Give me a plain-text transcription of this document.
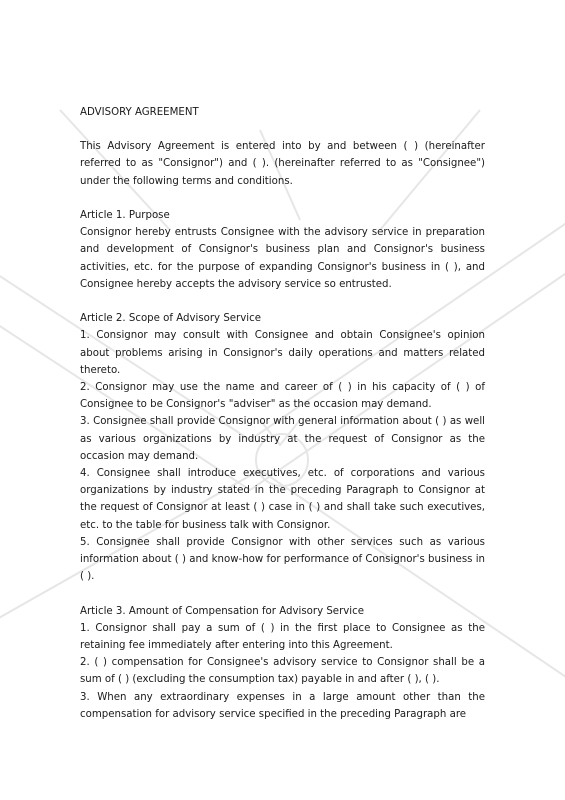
ADVISORY AGREEMENT

This Advisory Agreement is entered into by and between ( ) (hereinafter referred to as "Consignor") and ( ). (hereinafter referred to as "Consignee") under the following terms and conditions.

Article 1. Purpose

Consignor hereby entrusts Consignee with the advisory service in preparation and development of Consignor's business plan and Consignor's business activities, etc. for the purpose of expanding Consignor's business in ( ), and Consignee hereby accepts the advisory service so entrusted.

Article 2. Scope of Advisory Service

1. Consignor may consult with Consignee and obtain Consignee's opinion about problems arising in Consignor's daily operations and matters related thereto.

2. Consignor may use the name and career of ( ) in his capacity of ( ) of Consignee to be Consignor's "adviser" as the occasion may demand.

3. Consignee shall provide Consignor with general information about ( ) as well as various organizations by industry at the request of Consignor as the occasion may demand.

4. Consignee shall introduce executives, etc. of corporations and various organizations by industry stated in the preceding Paragraph to Consignor at the request of Consignor at least ( ) case in ( ) and shall take such executives, etc. to the table for business talk with Consignor.

5. Consignee shall provide Consignor with other services such as various information about ( ) and know-how for performance of Consignor's business in ( ).

Article 3. Amount of Compensation for Advisory Service

1. Consignor shall pay a sum of ( ) in the first place to Consignee as the retaining fee immediately after entering into this Agreement.

2. ( ) compensation for Consignee's advisory service to Consignor shall be a sum of ( ) (excluding the consumption tax) payable in and after ( ), ( ).

3. When any extraordinary expenses in a large amount other than the compensation for advisory service specified in the preceding Paragraph are
